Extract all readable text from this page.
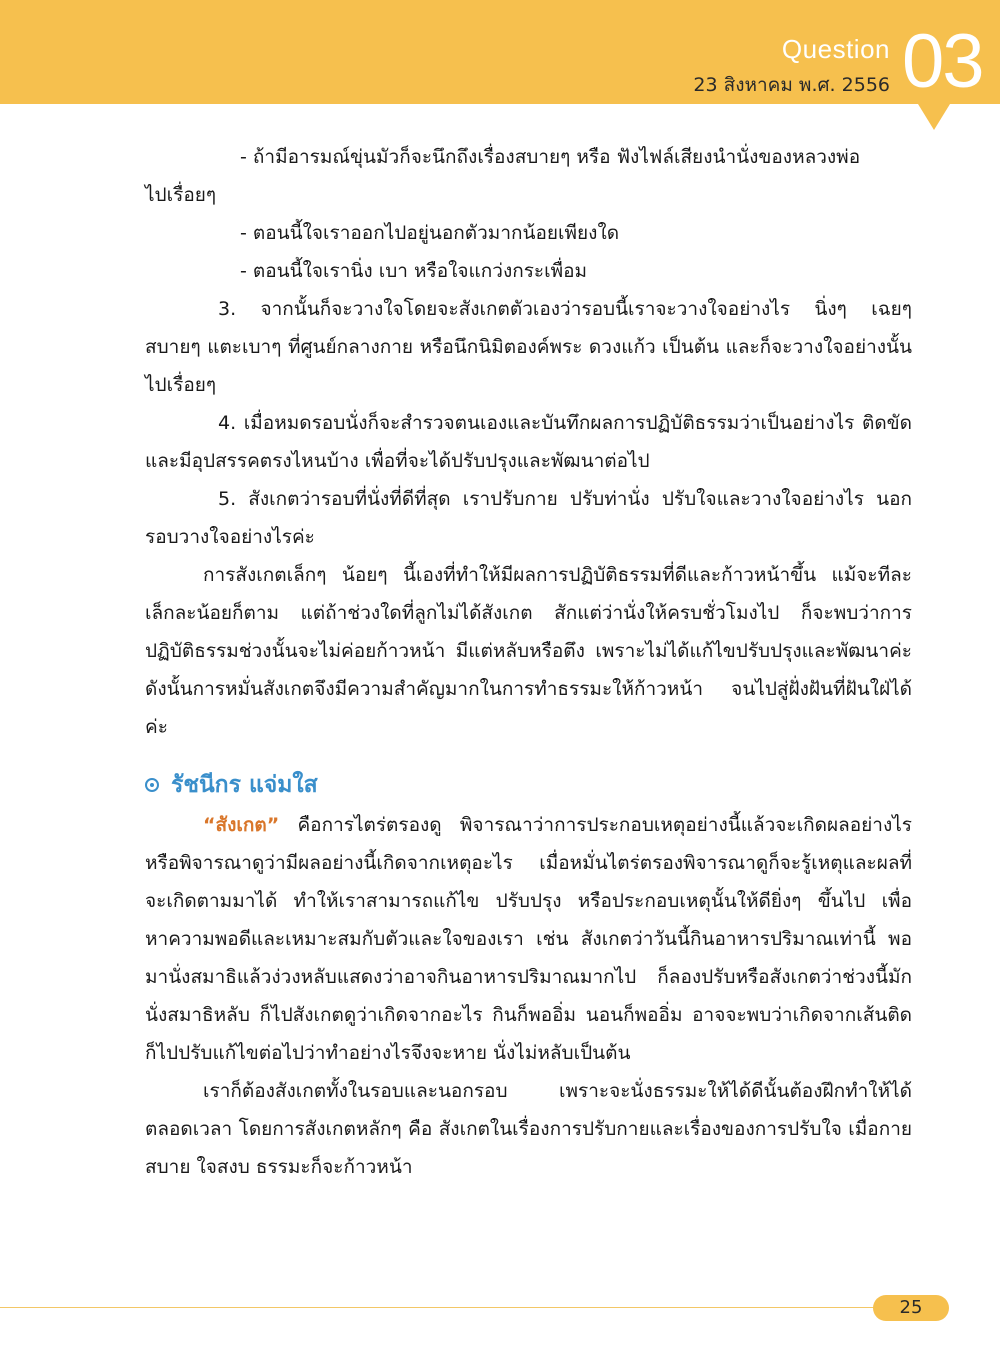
Question
23 สิงหาคม พ.ศ. 2556 03

- ถ้ามีอารมณ์ขุ่นมัวก็จะนึกถึงเรื่องสบายๆ หรือ ฟังไฟล์เสียงนำนั่งของหลวงพ่อ

ไปเรื่อยๆ

- ตอนนี้ใจเราออกไปอยู่นอกตัวมากน้อยเพียงใด

- ตอนนี้ใจเรานิ่ง เบา หรือใจแกว่งกระเพื่อม

3. จากนั้นก็จะวางใจโดยจะสังเกตตัวเองว่ารอบนี้เราจะวางใจอย่างไร นิ่งๆ เฉยๆ สบายๆ แตะเบาๆ ที่ศูนย์กลางกาย หรือนึกนิมิตองค์พระ ดวงแก้ว เป็นต้น และก็จะวางใจอย่างนั้นไปเรื่อยๆ

4. เมื่อหมดรอบนั่งก็จะสำรวจตนเองและบันทึกผลการปฏิบัติธรรมว่าเป็นอย่างไร ติดขัดและมีอุปสรรคตรงไหนบ้าง เพื่อที่จะได้ปรับปรุงและพัฒนาต่อไป

5. สังเกตว่ารอบที่นั่งที่ดีที่สุด เราปรับกาย ปรับท่านั่ง ปรับใจและวางใจอย่างไร นอกรอบวางใจอย่างไรค่ะ

การสังเกตเล็กๆ น้อยๆ นี้เองที่ทำให้มีผลการปฏิบัติธรรมที่ดีและก้าวหน้าขึ้น แม้จะทีละเล็กละน้อยก็ตาม แต่ถ้าช่วงใดที่ลูกไม่ได้สังเกต สักแต่ว่านั่งให้ครบชั่วโมงไป ก็จะพบว่าการปฏิบัติธรรมช่วงนั้นจะไม่ค่อยก้าวหน้า มีแต่หลับหรือตึง เพราะไม่ได้แก้ไขปรับปรุงและพัฒนาค่ะ ดังนั้นการหมั่นสังเกตจึงมีความสำคัญมากในการทำธรรมะให้ก้าวหน้า จนไปสู่ฝั่งฝันที่ฝันใฝ่ได้ค่ะ

รัชนีกร แจ่มใส

“สังเกต” คือการไตร่ตรองดู พิจารณาว่าการประกอบเหตุอย่างนี้แล้วจะเกิดผลอย่างไร หรือพิจารณาดูว่ามีผลอย่างนี้เกิดจากเหตุอะไร เมื่อหมั่นไตร่ตรองพิจารณาดูก็จะรู้เหตุและผลที่จะเกิดตามมาได้ ทำให้เราสามารถแก้ไข ปรับปรุง หรือประกอบเหตุนั้นให้ดียิ่งๆ ขึ้นไป เพื่อหาความพอดีและเหมาะสมกับตัวและใจของเรา เช่น สังเกตว่าวันนี้กินอาหารปริมาณเท่านี้ พอมานั่งสมาธิแล้วง่วงหลับแสดงว่าอาจกินอาหารปริมาณมากไป ก็ลองปรับหรือสังเกตว่าช่วงนี้มักนั่งสมาธิหลับ ก็ไปสังเกตดูว่าเกิดจากอะไร กินก็พออิ่ม นอนก็พออิ่ม อาจจะพบว่าเกิดจากเส้นติด ก็ไปปรับแก้ไขต่อไปว่าทำอย่างไรจึงจะหาย นั่งไม่หลับเป็นต้น

เราก็ต้องสังเกตทั้งในรอบและนอกรอบ เพราะจะนั่งธรรมะให้ได้ดีนั้นต้องฝึกทำให้ได้ตลอดเวลา โดยการสังเกตหลักๆ คือ สังเกตในเรื่องการปรับกายและเรื่องของการปรับใจ เมื่อกายสบาย ใจสงบ ธรรมะก็จะก้าวหน้า

25
